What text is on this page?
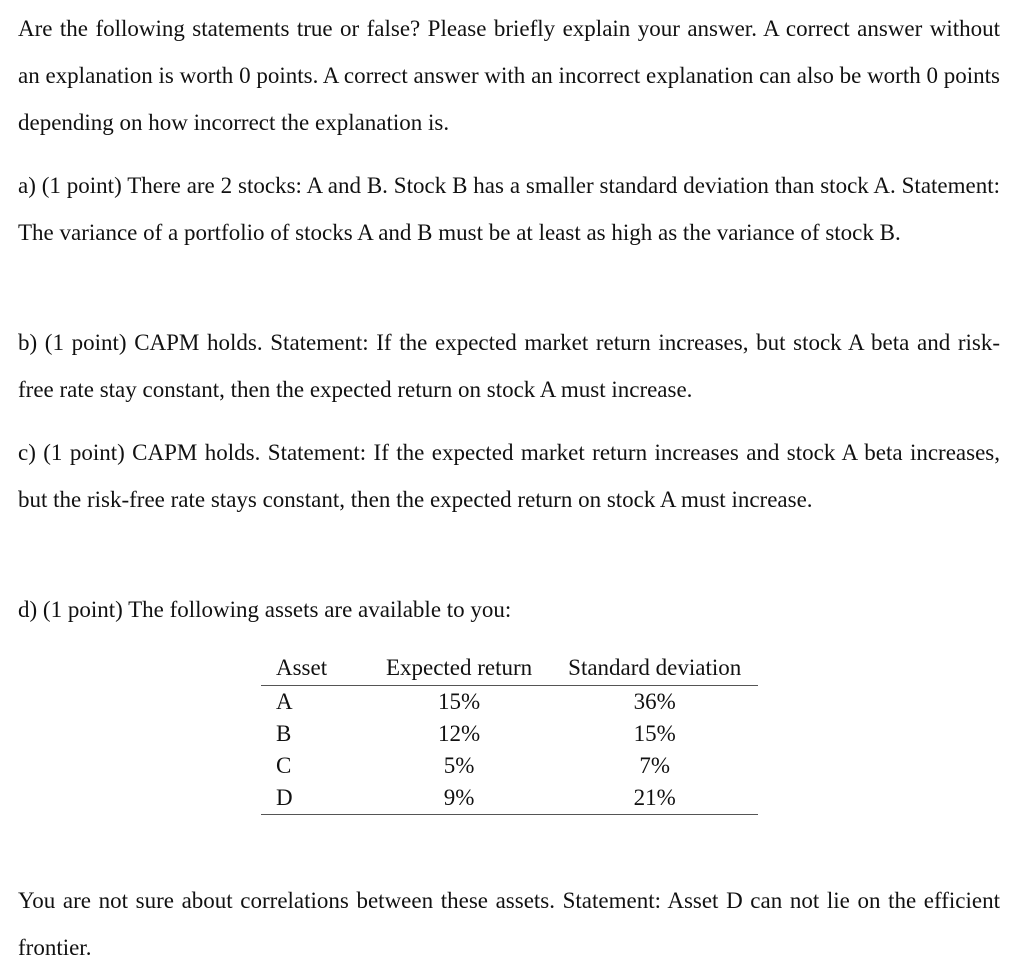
Are the following statements true or false? Please briefly explain your answer. A correct answer without an explanation is worth 0 points. A correct answer with an incorrect explanation can also be worth 0 points depending on how incorrect the explanation is.

a) (1 point) There are 2 stocks: A and B. Stock B has a smaller standard deviation than stock A. Statement: The variance of a portfolio of stocks A and B must be at least as high as the variance of stock B.

b) (1 point) CAPM holds. Statement: If the expected market return increases, but stock A beta and risk-free rate stay constant, then the expected return on stock A must increase.

c) (1 point) CAPM holds. Statement: If the expected market return increases and stock A beta increases, but the risk-free rate stays constant, then the expected return on stock A must increase.

d) (1 point) The following assets are available to you:

Asset	Expected return	Standard deviation
A	15%	36%
B	12%	15%
C	5%	7%
D	9%	21%

You are not sure about correlations between these assets. Statement: Asset D can not lie on the efficient frontier.
